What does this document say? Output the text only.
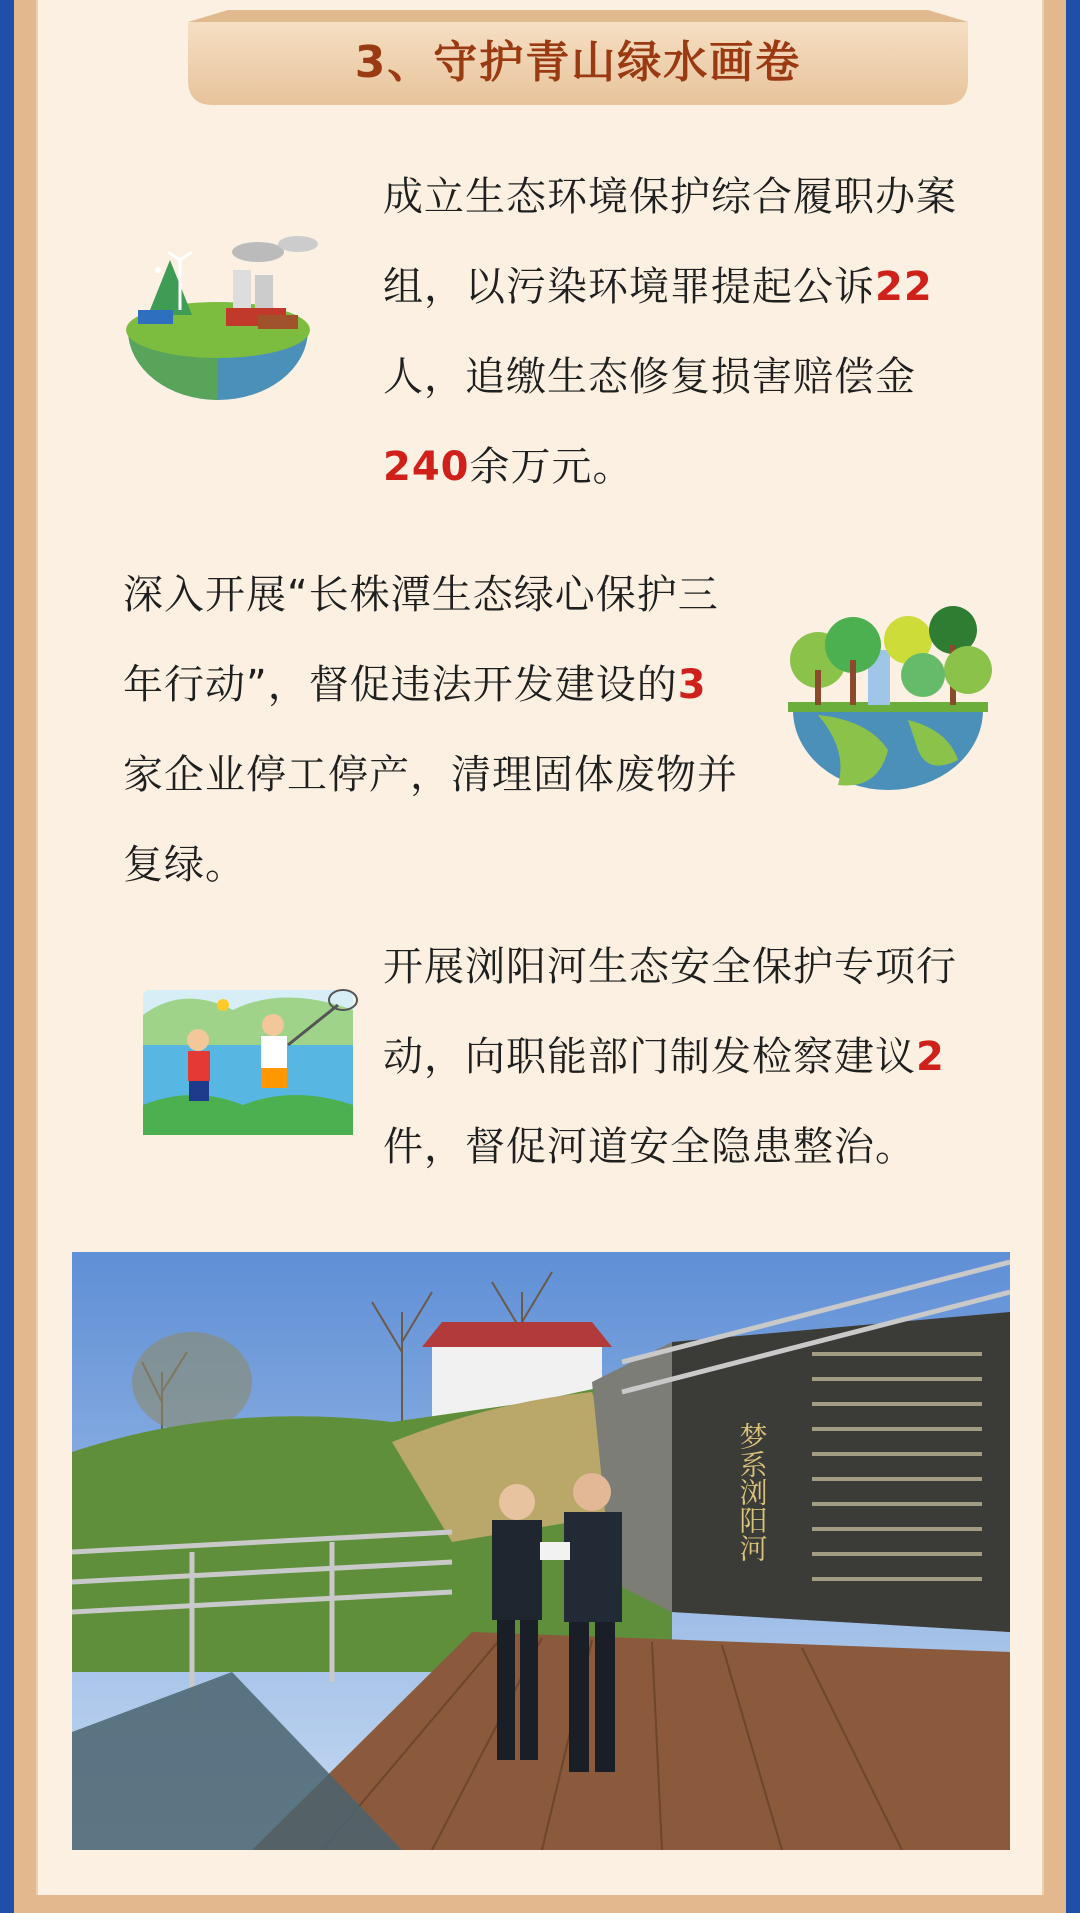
3、守护青山绿水画卷

成立生态环境保护综合履职办案组，以污染环境罪提起公诉22人，追缴生态修复损害赔偿金240余万元。

深入开展“长株潭生态绿心保护三年行动”，督促违法开发建设的3家企业停工停产，清理固体废物并复绿。

开展浏阳河生态安全保护专项行动，向职能部门制发检察建议2件，督促河道安全隐患整治。

梦系浏阳河
